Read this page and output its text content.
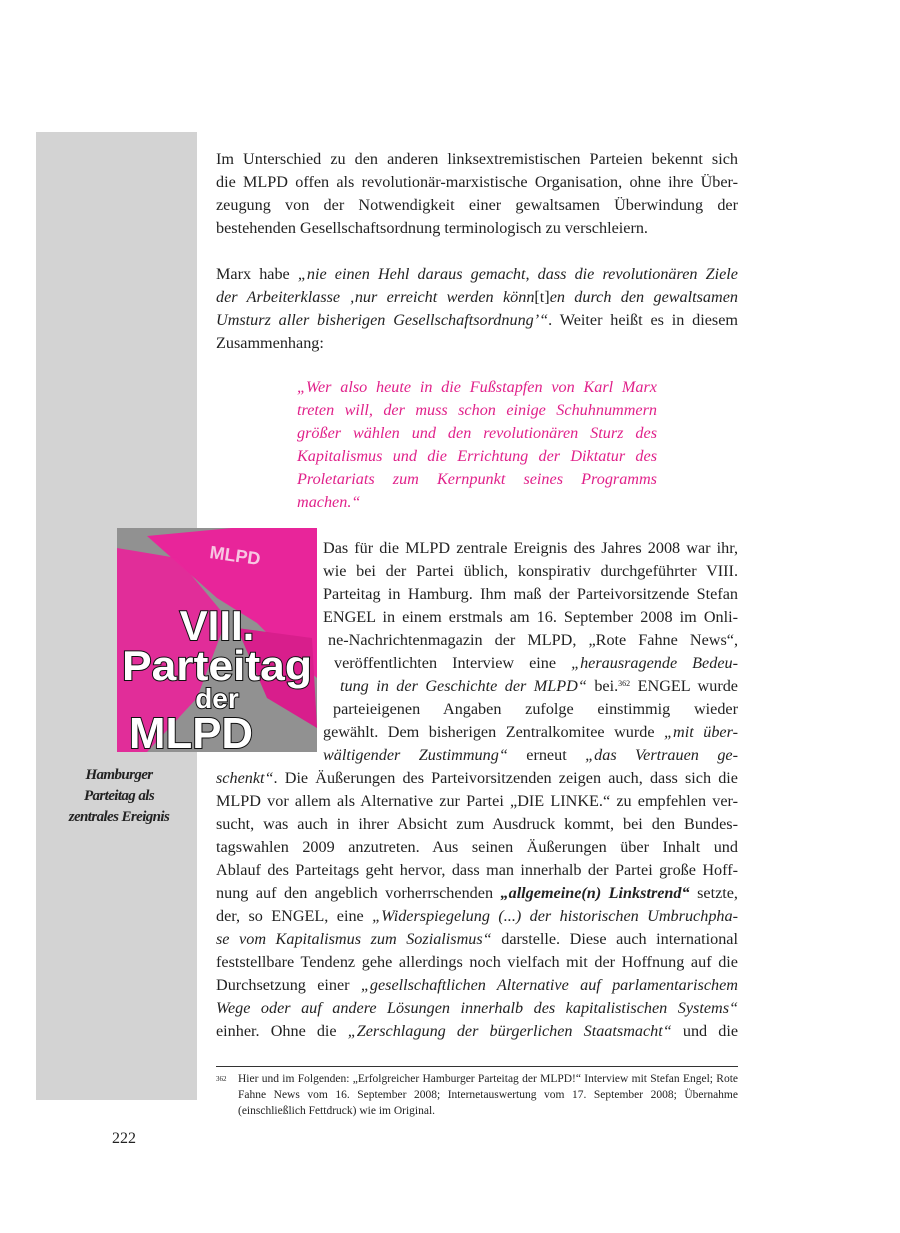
Hamburger
Parteitag als
zentrales Ereignis

Im Unterschied zu den anderen linksextremistischen Parteien bekennt sich

die MLPD offen als revolutionär-marxistische Organisation, ohne ihre Über-

zeugung von der Notwendigkeit einer gewaltsamen Überwindung der

bestehenden Gesellschaftsordnung terminologisch zu verschleiern.

Marx habe „nie einen Hehl daraus gemacht, dass die revolutionären Ziele

der Arbeiterklasse ‚nur erreicht werden könn[t]en durch den gewaltsamen

Umsturz aller bisherigen Gesellschaftsordnung’“. Weiter heißt es in diesem

Zusammenhang:

„Wer also heute in die Fußstapfen von Karl Marx
treten will, der muss schon einige Schuhnummern
größer wählen und den revolutionären Sturz des
Kapitalismus und die Errichtung der Diktatur des
Proletariats zum Kernpunkt seines Programms
machen.“
MLPD
VIII.
Parteitag
der
MLPD
Das für die MLPD zentrale Ereignis des Jahres 2008 war ihr,
wie bei der Partei üblich, konspirativ durchgeführter VIII.
Parteitag in Hamburg. Ihm maß der Parteivorsitzende Stefan
ENGEL in einem erstmals am 16. September 2008 im Onli-
ne-Nachrichtenmagazin der MLPD, „Rote Fahne News“,
veröffentlichten Interview eine „herausragende Bedeu-
tung in der Geschichte der MLPD“ bei.$^{362}$ ENGEL wurde
parteieigenen Angaben zufolge einstimmig wieder
gewählt. Dem bisherigen Zentralkomitee wurde „mit über-
wältigender Zustimmung“ erneut „das Vertrauen ge-
schenkt“. Die Äußerungen des Parteivorsitzenden zeigen auch, dass sich die
MLPD vor allem als Alternative zur Partei „DIE LINKE.“ zu empfehlen ver-
sucht, was auch in ihrer Absicht zum Ausdruck kommt, bei den Bundes-
tagswahlen 2009 anzutreten. Aus seinen Äußerungen über Inhalt und
Ablauf des Parteitags geht hervor, dass man innerhalb der Partei große Hoff-
nung auf den angeblich vorherrschenden „allgemeine(n) Linkstrend“ setzte,
der, so ENGEL, eine „Widerspiegelung (...) der historischen Umbruchpha-
se vom Kapitalismus zum Sozialismus“ darstelle. Diese auch international
feststellbare Tendenz gehe allerdings noch vielfach mit der Hoffnung auf die
Durchsetzung einer „gesellschaftlichen Alternative auf parlamentarischem
Wege oder auf andere Lösungen innerhalb des kapitalistischen Systems“
einher. Ohne die „Zerschlagung der bürgerlichen Staatsmacht“ und die
362 Hier und im Folgenden: „Erfolgreicher Hamburger Parteitag der MLPD!“ Interview mit Stefan Engel; Rote Fahne News vom 16. September 2008; Internetauswertung vom 17. September 2008; Übernahme (einschließlich Fettdruck) wie im Original.
222
